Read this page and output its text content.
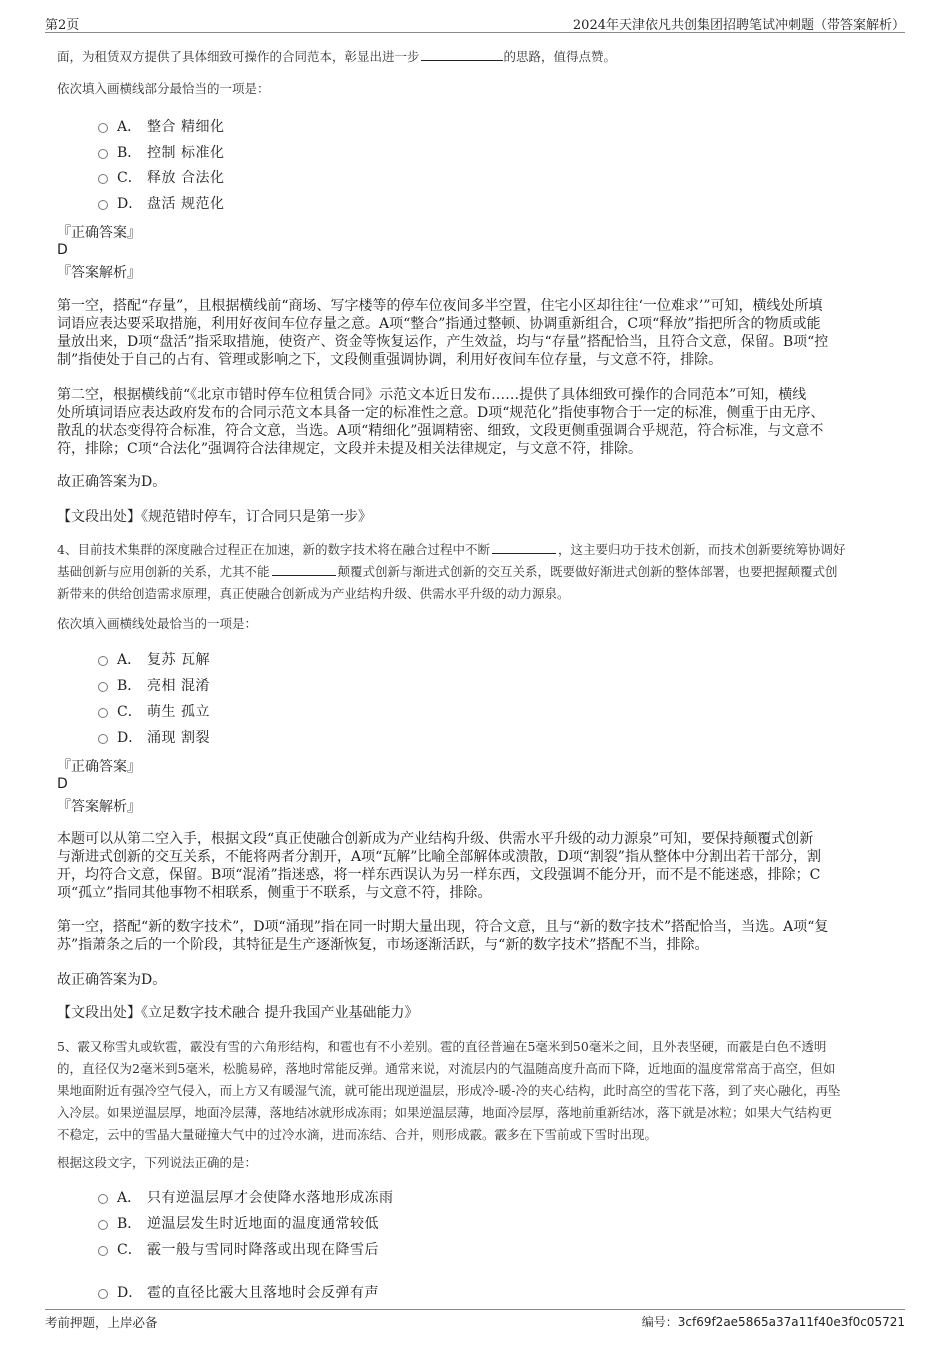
第2页	2024年天津依凡共创集团招聘笔试冲刺题（带答案解析）
面，为租赁双方提供了具体细致可操作的合同范本，彰显出进一步	的思路，值得点赞。
依次填入画横线部分最恰当的一项是：
A． 整合 精细化
B． 控制 标准化
C． 释放 合法化
D． 盘活 规范化
『正确答案』
D
『答案解析』
第一空，搭配“存量”，且根据横线前“商场、写字楼等的停车位夜间多半空置，住宅小区却往往‘一位难求’”可知，横线处所填
词语应表达要采取措施，利用好夜间车位存量之意。A项“整合”指通过整顿、协调重新组合，C项“释放”指把所含的物质或能
量放出来，D项“盘活”指采取措施，使资产、资金等恢复运作，产生效益，均与“存量”搭配恰当，且符合文意，保留。B项“控
制”指使处于自己的占有、管理或影响之下，文段侧重强调协调，利用好夜间车位存量，与文意不符，排除。
第二空，根据横线前“《北京市错时停车位租赁合同》示范文本近日发布……提供了具体细致可操作的合同范本”可知，横线
处所填词语应表达政府发布的合同示范文本具备一定的标准性之意。D项“规范化”指使事物合于一定的标准，侧重于由无序、
散乱的状态变得符合标准，符合文意，当选。A项“精细化”强调精密、细致，文段更侧重强调合乎规范，符合标准，与文意不
符，排除；C项“合法化”强调符合法律规定，文段并未提及相关法律规定，与文意不符，排除。
故正确答案为D。
【文段出处】《规范错时停车，订合同只是第一步》
4、目前技术集群的深度融合过程正在加速，新的数字技术将在融合过程中不断	，这主要归功于技术创新，而技术创新要统筹协调好
基础创新与应用创新的关系，尤其不能	颠覆式创新与渐进式创新的交互关系，既要做好渐进式创新的整体部署，也要把握颠覆式创
新带来的供给创造需求原理，真正使融合创新成为产业结构升级、供需水平升级的动力源泉。
依次填入画横线处最恰当的一项是：
A． 复苏 瓦解
B． 亮相 混淆
C． 萌生 孤立
D． 涌现 割裂
『正确答案』
D
『答案解析』
本题可以从第二空入手，根据文段“真正使融合创新成为产业结构升级、供需水平升级的动力源泉”可知，要保持颠覆式创新
与渐进式创新的交互关系，不能将两者分割开，A项“瓦解”比喻全部解体或溃散，D项“割裂”指从整体中分割出若干部分，割
开，均符合文意，保留。B项“混淆”指迷惑，将一样东西误认为另一样东西，文段强调不能分开，而不是不能迷惑，排除；C
项“孤立”指同其他事物不相联系，侧重于不联系，与文意不符，排除。
第一空，搭配“新的数字技术”，D项“涌现”指在同一时期大量出现，符合文意，且与“新的数字技术”搭配恰当，当选。A项“复
苏”指萧条之后的一个阶段，其特征是生产逐渐恢复，市场逐渐活跃，与“新的数字技术”搭配不当，排除。
故正确答案为D。
【文段出处】《立足数字技术融合 提升我国产业基础能力》
5、霰又称雪丸或软雹，霰没有雪的六角形结构，和雹也有不小差别。雹的直径普遍在5毫米到50毫米之间，且外表坚硬，而霰是白色不透明
的，直径仅为2毫米到5毫米，松脆易碎，落地时常能反弹。通常来说，对流层内的气温随高度升高而下降，近地面的温度常常高于高空，但如
果地面附近有强冷空气侵入，而上方又有暖湿气流，就可能出现逆温层，形成冷-暖-冷的夹心结构，此时高空的雪花下落，到了夹心融化，再坠
入冷层。如果逆温层厚，地面冷层薄，落地结冰就形成冻雨；如果逆温层薄，地面冷层厚，落地前重新结冰，落下就是冰粒；如果大气结构更
不稳定，云中的雪晶大量碰撞大气中的过冷水滴，进而冻结、合并，则形成霰。霰多在下雪前或下雪时出现。
根据这段文字，下列说法正确的是：
A． 只有逆温层厚才会使降水落地形成冻雨
B． 逆温层发生时近地面的温度通常较低
C． 霰一般与雪同时降落或出现在降雪后
D． 雹的直径比霰大且落地时会反弹有声
考前押题，上岸必备	编号：3cf69f2ae5865a37a11f40e3f0c05721
